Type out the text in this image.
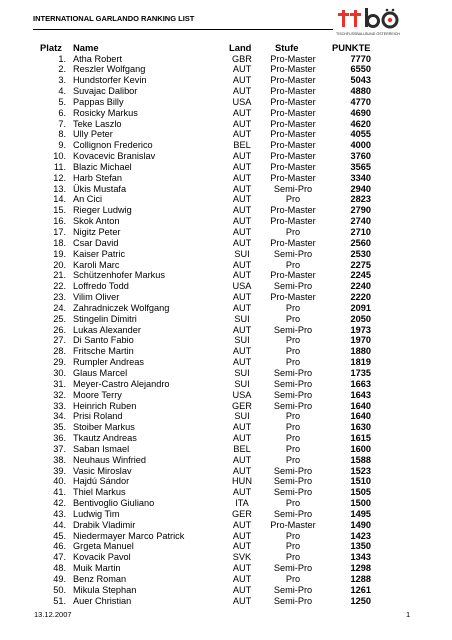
INTERNATIONAL GARLANDO RANKING LIST
TISCHFUSSBALLBUND ÖSTERREICH
Platz Name	Land	Stufe	PUNKTE
1. Atha Robert	GBR	Pro-Master	7770
2. Reszler Wolfgang	AUT	Pro-Master	6550
3. Hundstorfer Kevin	AUT	Pro-Master	5043
4. Suvajac Dalibor	AUT	Pro-Master	4880
5. Pappas Billy	USA	Pro-Master	4770
6. Rosicky Markus	AUT	Pro-Master	4690
7. Teke Laszlo	AUT	Pro-Master	4620
8. Ully Peter	AUT	Pro-Master	4055
9. Collignon Frederico	BEL	Pro-Master	4000
10. Kovacevic Branislav	AUT	Pro-Master	3760
11. Blazic Michael	AUT	Pro-Master	3565
12. Harb Stefan	AUT	Pro-Master	3340
13. Ükis Mustafa	AUT	Semi-Pro	2940
14. An Cici	AUT	Pro	2823
15. Rieger Ludwig	AUT	Pro-Master	2790
16. Skok Anton	AUT	Pro-Master	2740
17. Nigitz Peter	AUT	Pro	2710
18. Csar David	AUT	Pro-Master	2560
19. Kaiser Patric	SUI	Semi-Pro	2530
20. Karoli Marc	AUT	Pro	2275
21. Schützenhofer Markus	AUT	Pro-Master	2245
22. Loffredo Todd	USA	Semi-Pro	2240
23. Vilim Oliver	AUT	Pro-Master	2220
24. Zahradniczek Wolfgang	AUT	Pro	2091
25. Stingelin Dimitri	SUI	Pro	2050
26. Lukas Alexander	AUT	Semi-Pro	1973
27. Di Santo Fabio	SUI	Pro	1970
28. Fritsche Martin	AUT	Pro	1880
29. Rumpler Andreas	AUT	Pro	1819
30. Glaus Marcel	SUI	Semi-Pro	1735
31. Meyer-Castro Alejandro	SUI	Semi-Pro	1663
32. Moore Terry	USA	Semi-Pro	1643
33. Heinrich Ruben	GER	Semi-Pro	1640
34. Prisi Roland	SUI	Pro	1640
35. Stoiber Markus	AUT	Pro	1630
36. Tkautz Andreas	AUT	Pro	1615
37. Saban Ismael	BEL	Pro	1600
38. Neuhaus Winfried	AUT	Pro	1588
39. Vasic Miroslav	AUT	Semi-Pro	1523
40. Hajdú Sándor	HUN	Semi-Pro	1510
41. Thiel Markus	AUT	Semi-Pro	1505
42. Bentivoglio Giuliano	ITA	Pro	1500
43. Ludwig Tim	GER	Semi-Pro	1495
44. Drabik Vladimir	AUT	Pro-Master	1490
45. Niedermayer Marco Patrick	AUT	Pro	1423
46. Grgeta Manuel	AUT	Pro	1350
47. Kovacik Pavol	SVK	Pro	1343
48. Muik Martin	AUT	Semi-Pro	1298
49. Benz Roman	AUT	Pro	1288
50. Mikula Stephan	AUT	Semi-Pro	1261
51. Auer Christian	AUT	Semi-Pro	1250
13.12.2007	1
